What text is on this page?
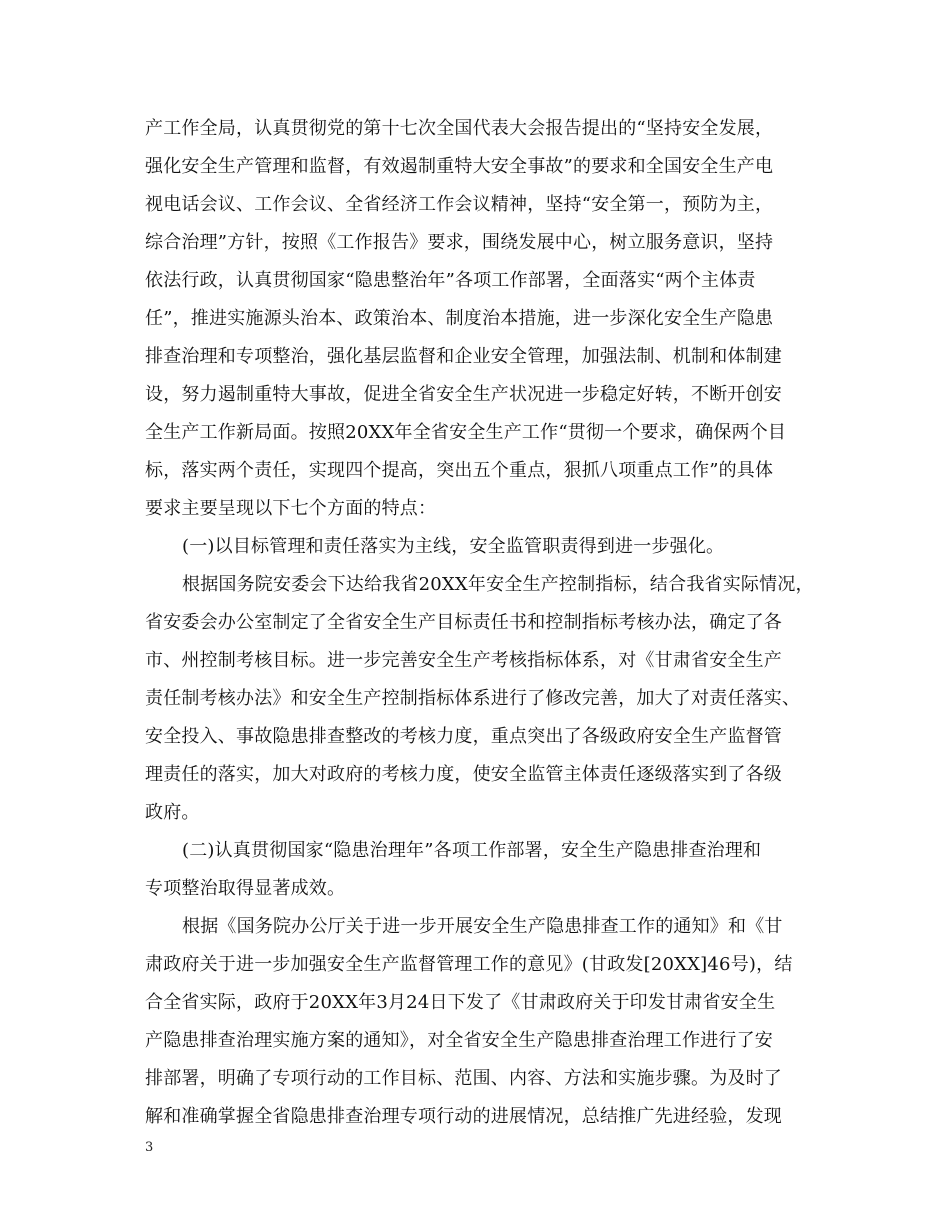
产工作全局，认真贯彻党的第十七次全国代表大会报告提出的“坚持安全发展，
强化安全生产管理和监督，有效遏制重特大安全事故”的要求和全国安全生产电
视电话会议、工作会议、全省经济工作会议精神，坚持“安全第一，预防为主，
综合治理”方针，按照《工作报告》要求，围绕发展中心，树立服务意识，坚持
依法行政，认真贯彻国家“隐患整治年”各项工作部署，全面落实“两个主体责
任”，推进实施源头治本、政策治本、制度治本措施，进一步深化安全生产隐患
排查治理和专项整治，强化基层监督和企业安全管理，加强法制、机制和体制建
设，努力遏制重特大事故，促进全省安全生产状况进一步稳定好转，不断开创安
全生产工作新局面。按照20XX年全省安全生产工作“贯彻一个要求，确保两个目
标，落实两个责任，实现四个提高，突出五个重点，狠抓八项重点工作”的具体
要求主要呈现以下七个方面的特点：
(一)以目标管理和责任落实为主线，安全监管职责得到进一步强化。
根据国务院安委会下达给我省20XX年安全生产控制指标，结合我省实际情况，
省安委会办公室制定了全省安全生产目标责任书和控制指标考核办法，确定了各
市、州控制考核目标。进一步完善安全生产考核指标体系，对《甘肃省安全生产
责任制考核办法》和安全生产控制指标体系进行了修改完善，加大了对责任落实、
安全投入、事故隐患排查整改的考核力度，重点突出了各级政府安全生产监督管
理责任的落实，加大对政府的考核力度，使安全监管主体责任逐级落实到了各级
政府。
(二)认真贯彻国家“隐患治理年”各项工作部署，安全生产隐患排查治理和
专项整治取得显著成效。
根据《国务院办公厅关于进一步开展安全生产隐患排查工作的通知》和《甘
肃政府关于进一步加强安全生产监督管理工作的意见》(甘政发[20XX]46号)，结
合全省实际，政府于20XX年3月24日下发了《甘肃政府关于印发甘肃省安全生
产隐患排查治理实施方案的通知》，对全省安全生产隐患排查治理工作进行了安
排部署，明确了专项行动的工作目标、范围、内容、方法和实施步骤。为及时了
解和准确掌握全省隐患排查治理专项行动的进展情况，总结推广先进经验，发现
3
